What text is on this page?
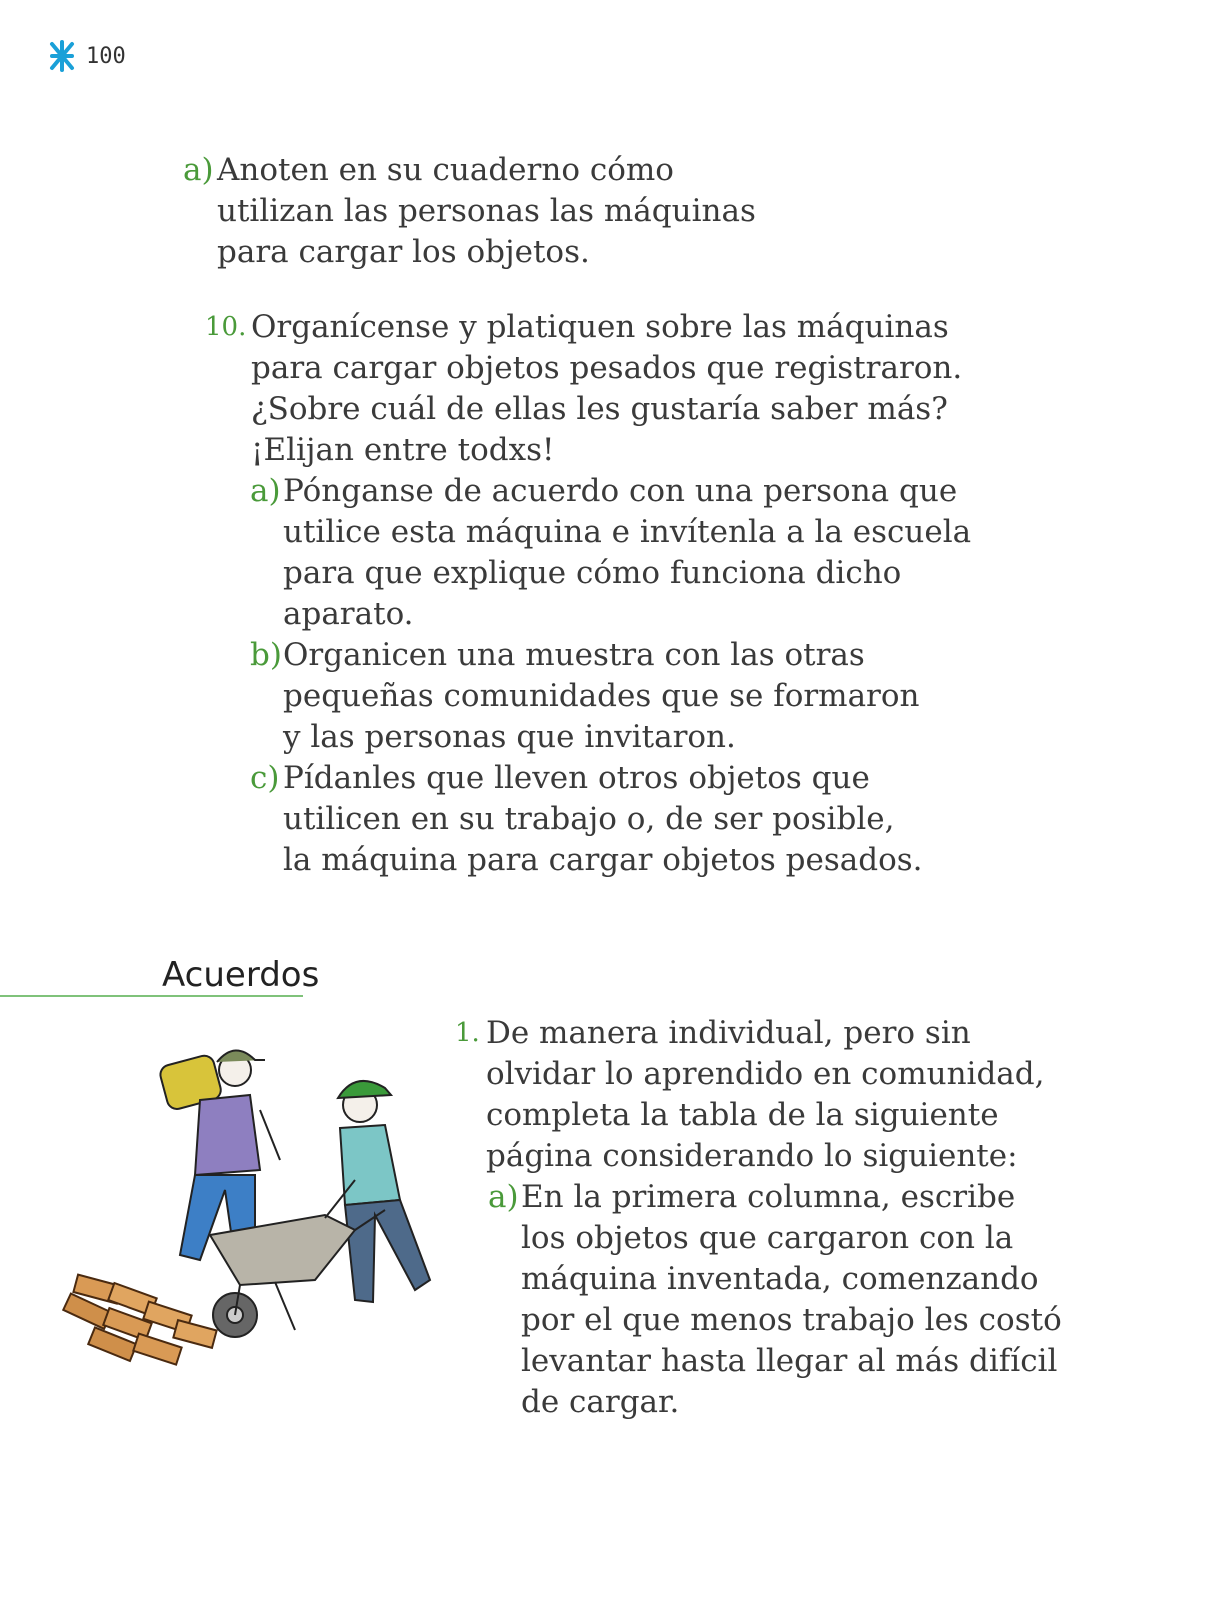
100
a) Anoten en su cuaderno cómo
utilizan las personas las máquinas
para cargar los objetos.
10. Organícense y platiquen sobre las máquinas
para cargar objetos pesados que registraron.
¿Sobre cuál de ellas les gustaría saber más?
¡Elijan entre todxs!
a) Pónganse de acuerdo con una persona que
utilice esta máquina e invítenla a la escuela
para que explique cómo funciona dicho
aparato.
b) Organicen una muestra con las otras
pequeñas comunidades que se formaron
y las personas que invitaron.
c) Pídanles que lleven otros objetos que
utilicen en su trabajo o, de ser posible,
la máquina para cargar objetos pesados.
Acuerdos
1. De manera individual, pero sin
olvidar lo aprendido en comunidad,
completa la tabla de la siguiente
página considerando lo siguiente:
a) En la primera columna, escribe
los objetos que cargaron con la
máquina inventada, comenzando
por el que menos trabajo les costó
levantar hasta llegar al más difícil
de cargar.
